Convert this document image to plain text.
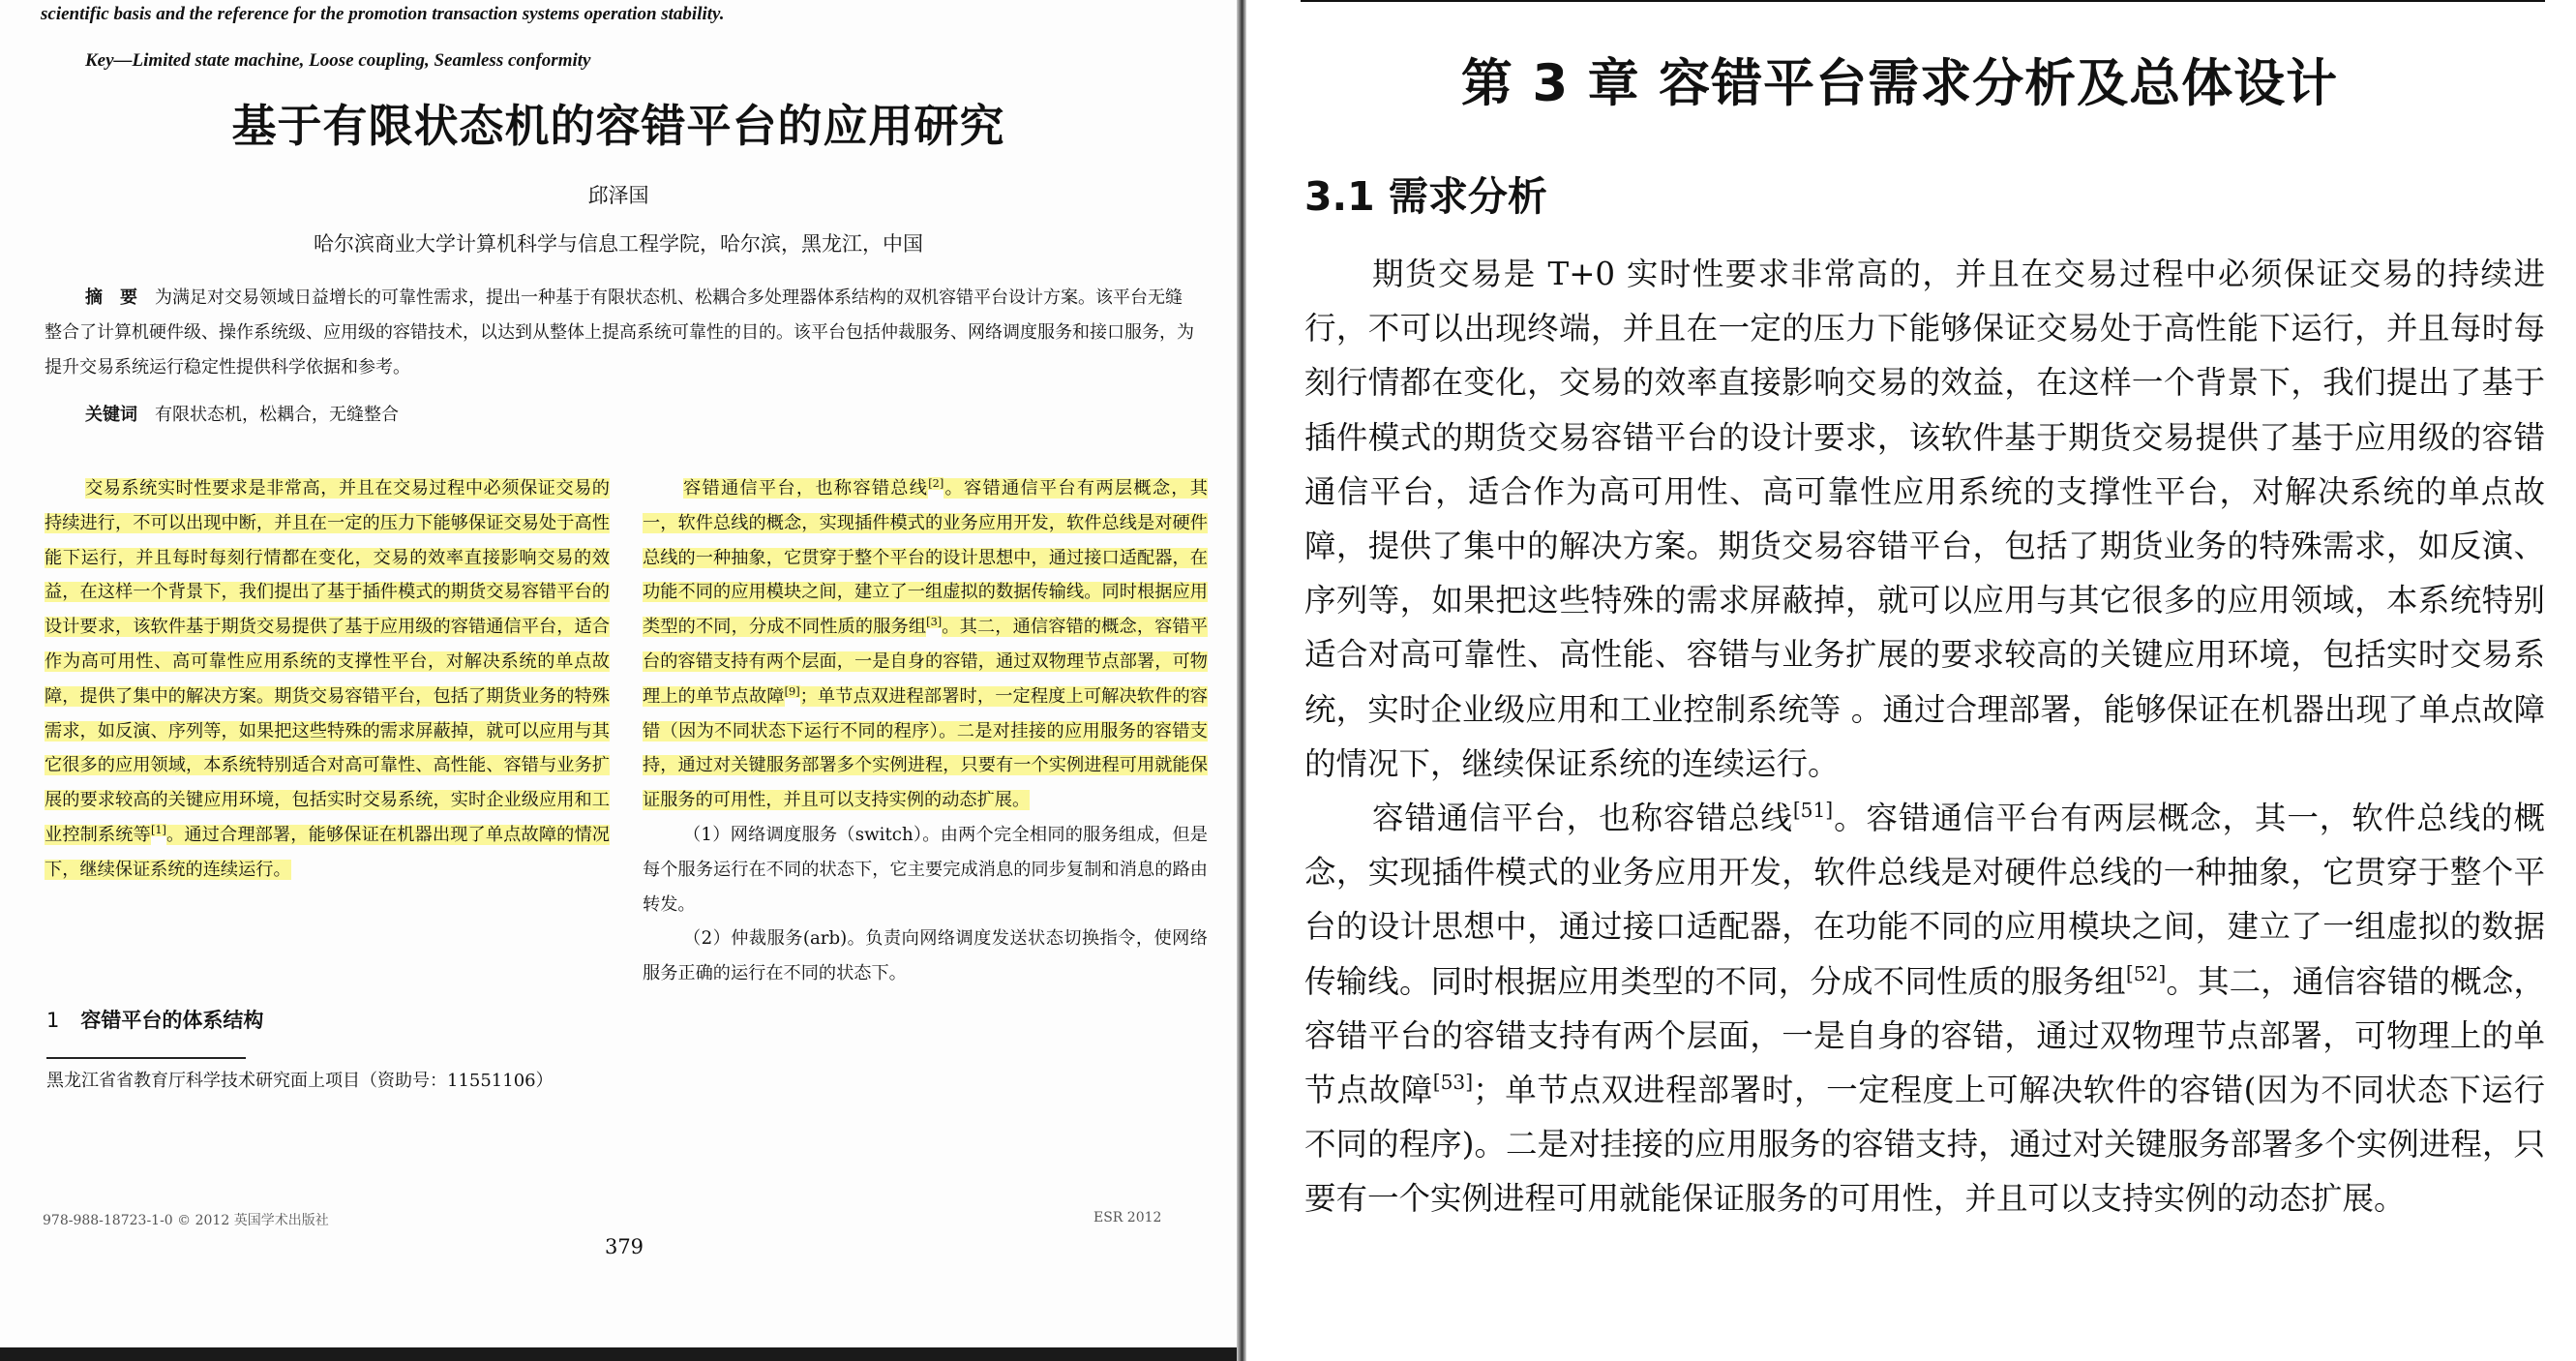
scientific basis and the reference for the promotion transaction systems operation stability.

Key—Limited state machine, Loose coupling, Seamless conformity

基于有限状态机的容错平台的应用研究

邱泽国

哈尔滨商业大学计算机科学与信息工程学院，哈尔滨，黑龙江，中国

摘　要 为满足对交易领域日益增长的可靠性需求，提出一种基于有限状态机、松耦合多处理器体系结构的双机容错平台设计方案。该平台无缝整合了计算机硬件级、操作系统级、应用级的容错技术，以达到从整体上提高系统可靠性的目的。该平台包括仲裁服务、网络调度服务和接口服务，为提升交易系统运行稳定性提供科学依据和参考。

关键词 有限状态机，松耦合，无缝整合

交易系统实时性要求是非常高，并且在交易过程中必须保证交易的持续进行，不可以出现中断，并且在一定的压力下能够保证交易处于高性能下运行，并且每时每刻行情都在变化，交易的效率直接影响交易的效益，在这样一个背景下，我们提出了基于插件模式的期货交易容错平台的设计要求，该软件基于期货交易提供了基于应用级的容错通信平台，适合作为高可用性、高可靠性应用系统的支撑性平台，对解决系统的单点故障，提供了集中的解决方案。期货交易容错平台，包括了期货业务的特殊需求，如反演、序列等，如果把这些特殊的需求屏蔽掉，就可以应用与其它很多的应用领域，本系统特别适合对高可靠性、高性能、容错与业务扩展的要求较高的关键应用环境，包括实时交易系统，实时企业级应用和工业控制系统等[1]。通过合理部署，能够保证在机器出现了单点故障的情况下，继续保证系统的连续运行。

容错通信平台，也称容错总线[2]。容错通信平台有两层概念，其一，软件总线的概念，实现插件模式的业务应用开发，软件总线是对硬件总线的一种抽象，它贯穿于整个平台的设计思想中，通过接口适配器，在功能不同的应用模块之间，建立了一组虚拟的数据传输线。同时根据应用类型的不同，分成不同性质的服务组[3]。其二，通信容错的概念，容错平台的容错支持有两个层面，一是自身的容错，通过双物理节点部署，可物理上的单节点故障[9]；单节点双进程部署时，一定程度上可解决软件的容错（因为不同状态下运行不同的程序）。二是对挂接的应用服务的容错支持，通过对关键服务部署多个实例进程，只要有一个实例进程可用就能保证服务的可用性，并且可以支持实例的动态扩展。

（1）网络调度服务（switch）。由两个完全相同的服务组成，但是每个服务运行在不同的状态下，它主要完成消息的同步复制和消息的路由转发。

（2）仲裁服务(arb)。负责向网络调度发送状态切换指令，使网络服务正确的运行在不同的状态下。

1 容错平台的体系结构

黑龙江省省教育厅科学技术研究面上项目（资助号：11551106）

978-988-18723-1-0 © 2012 英国学术出版社	ESR 2012

379

第 3 章 容错平台需求分析及总体设计
3.1 需求分析

期货交易是 T+0 实时性要求非常高的，并且在交易过程中必须保证交易的持续进行，不可以出现终端，并且在一定的压力下能够保证交易处于高性能下运行，并且每时每刻行情都在变化，交易的效率直接影响交易的效益，在这样一个背景下，我们提出了基于插件模式的期货交易容错平台的设计要求，该软件基于期货交易提供了基于应用级的容错通信平台，适合作为高可用性、高可靠性应用系统的支撑性平台，对解决系统的单点故障，提供了集中的解决方案。期货交易容错平台，包括了期货业务的特殊需求，如反演、序列等，如果把这些特殊的需求屏蔽掉，就可以应用与其它很多的应用领域，本系统特别适合对高可靠性、高性能、容错与业务扩展的要求较高的关键应用环境，包括实时交易系统，实时企业级应用和工业控制系统等 。通过合理部署，能够保证在机器出现了单点故障的情况下，继续保证系统的连续运行。

容错通信平台，也称容错总线[51]。容错通信平台有两层概念，其一，软件总线的概念，实现插件模式的业务应用开发，软件总线是对硬件总线的一种抽象，它贯穿于整个平台的设计思想中，通过接口适配器，在功能不同的应用模块之间，建立了一组虚拟的数据传输线。同时根据应用类型的不同，分成不同性质的服务组[52]。其二，通信容错的概念，容错平台的容错支持有两个层面，一是自身的容错，通过双物理节点部署，可物理上的单节点故障[53]；单节点双进程部署时，一定程度上可解决软件的容错(因为不同状态下运行不同的程序)。二是对挂接的应用服务的容错支持，通过对关键服务部署多个实例进程，只要有一个实例进程可用就能保证服务的可用性，并且可以支持实例的动态扩展。
